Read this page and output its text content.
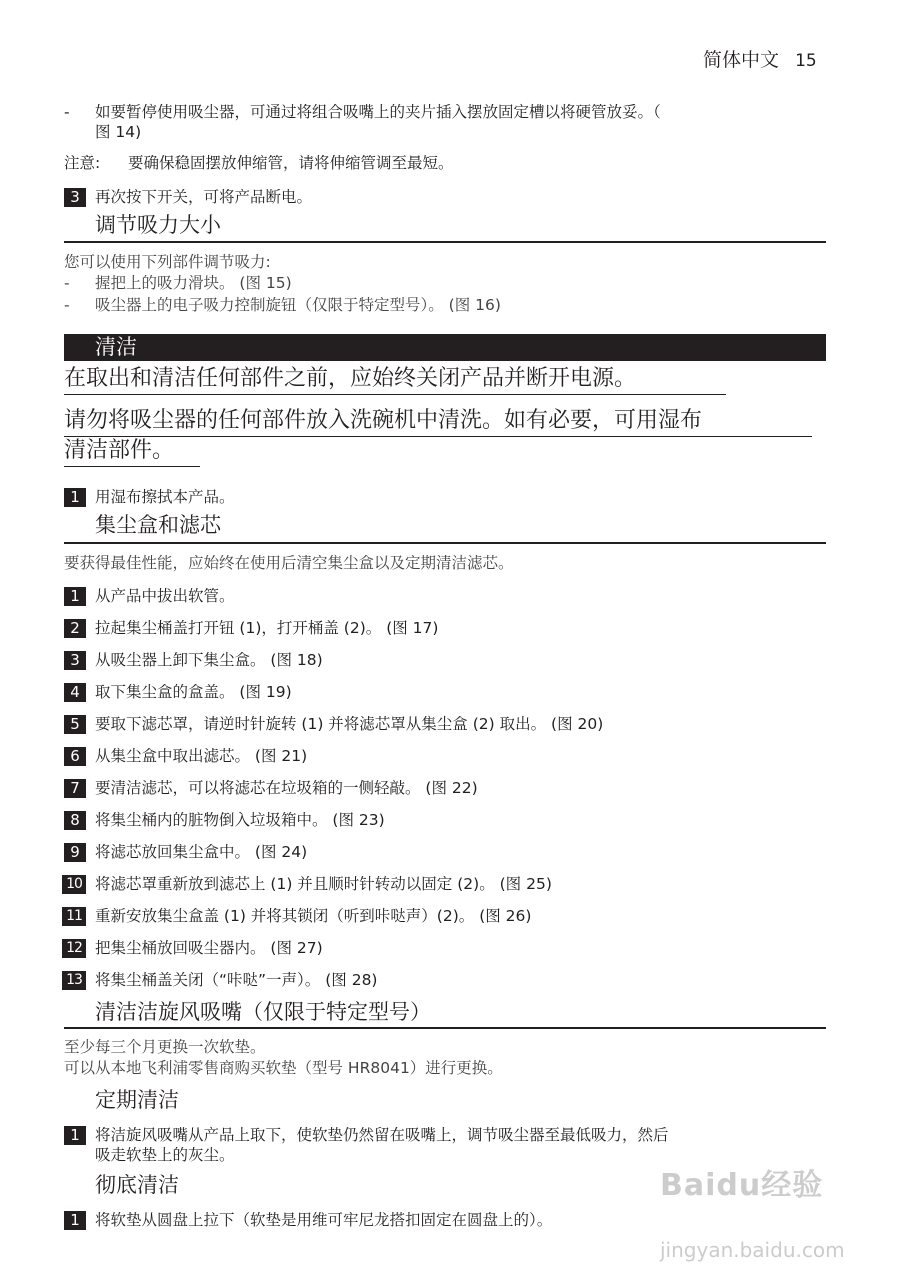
简体中文 15
- 如要暂停使用吸尘器，可通过将组合吸嘴上的夹片插入摆放固定槽以将硬管放妥。（
图 14)
注意: 要确保稳固摆放伸缩管，请将伸缩管调至最短。
3 再次按下开关，可将产品断电。
调节吸力大小
您可以使用下列部件调节吸力:
- 握把上的吸力滑块。 (图 15)
- 吸尘器上的电子吸力控制旋钮（仅限于特定型号）。 (图 16)
清洁
在取出和清洁任何部件之前，应始终关闭产品并断开电源。
请勿将吸尘器的任何部件放入洗碗机中清洗。如有必要，可用湿布
清洁部件。
1 用湿布擦拭本产品。
集尘盒和滤芯
要获得最佳性能，应始终在使用后清空集尘盒以及定期清洁滤芯。
1 从产品中拔出软管。
2 拉起集尘桶盖打开钮 (1)，打开桶盖 (2)。 (图 17)
3 从吸尘器上卸下集尘盒。 (图 18)
4 取下集尘盒的盒盖。 (图 19)
5 要取下滤芯罩，请逆时针旋转 (1) 并将滤芯罩从集尘盒 (2) 取出。 (图 20)
6 从集尘盒中取出滤芯。 (图 21)
7 要清洁滤芯，可以将滤芯在垃圾箱的一侧轻敲。 (图 22)
8 将集尘桶内的脏物倒入垃圾箱中。 (图 23)
9 将滤芯放回集尘盒中。 (图 24)
10 将滤芯罩重新放到滤芯上 (1) 并且顺时针转动以固定 (2)。 (图 25)
11 重新安放集尘盒盖 (1) 并将其锁闭（听到咔哒声）(2)。 (图 26)
12 把集尘桶放回吸尘器内。 (图 27)
13 将集尘桶盖关闭（“咔哒”一声）。 (图 28)
清洁洁旋风吸嘴（仅限于特定型号）
至少每三个月更换一次软垫。
可以从本地飞利浦零售商购买软垫（型号 HR8041）进行更换。
定期清洁
1 将洁旋风吸嘴从产品上取下，使软垫仍然留在吸嘴上，调节吸尘器至最低吸力，然后
吸走软垫上的灰尘。
彻底清洁
1 将软垫从圆盘上拉下（软垫是用维可牢尼龙搭扣固定在圆盘上的）。
Baidu经验
jingyan.baidu.com
